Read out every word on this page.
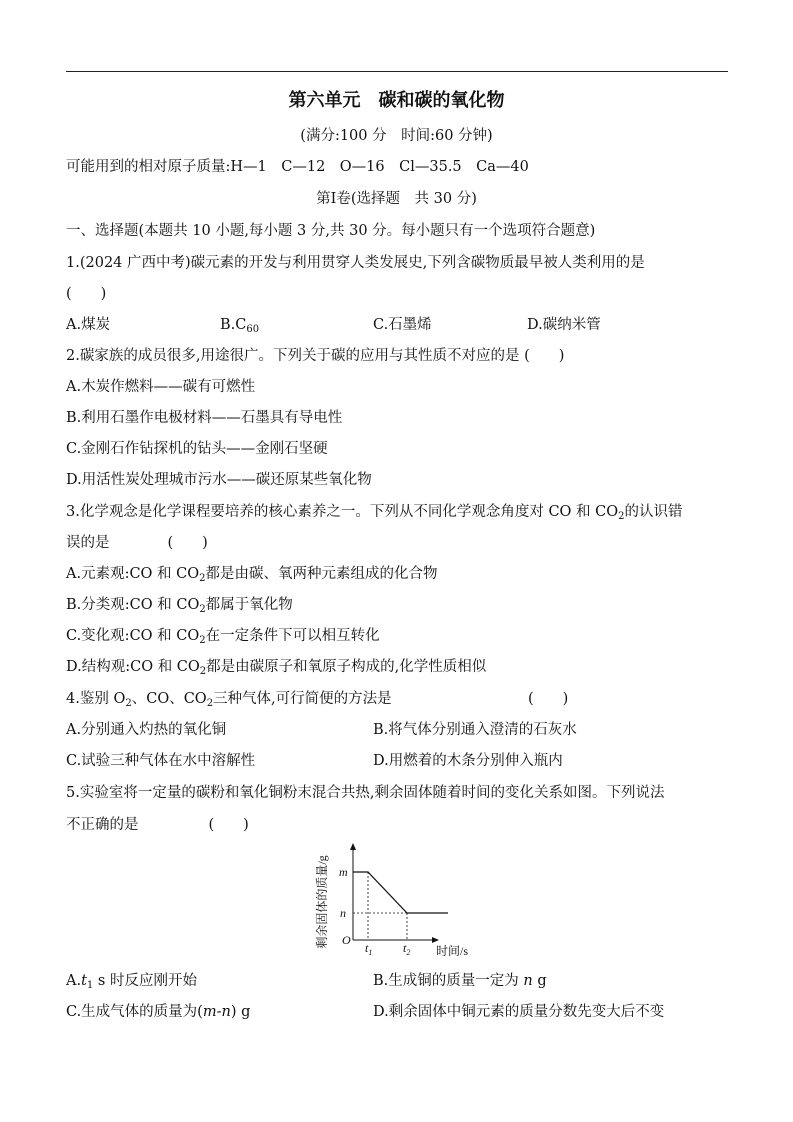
第六单元　碳和碳的氧化物
(满分:100 分　时间:60 分钟)
可能用到的相对原子质量:H—1　C—12　O—16　Cl—35.5　Ca—40
第Ⅰ卷(选择题　共 30 分)
一、选择题(本题共 10 小题,每小题 3 分,共 30 分。每小题只有一个选项符合题意)
1.(2024 广西中考)碳元素的开发与利用贯穿人类发展史,下列含碳物质最早被人类利用的是
(　　)
A.煤炭	$B.C_{60}$	C.石墨烯	D.碳纳米管
2.碳家族的成员很多,用途很广。下列关于碳的应用与其性质不对应的是 (　　)
A.木炭作燃料——碳有可燃性
B.利用石墨作电极材料——石墨具有导电性
C.金刚石作钻探机的钻头——金刚石坚硬
D.用活性炭处理城市污水——碳还原某些氧化物
3.化学观念是化学课程要培养的核心素养之一。下列从不同化学观念角度对 CO 和 $CO_2$的认识错
误的是	(　　)
A.元素观:CO 和 $CO_2$都是由碳、氧两种元素组成的化合物
B.分类观:CO 和 $CO_2$都属于氧化物
C.变化观:CO 和 $CO_2$在一定条件下可以相互转化
D.结构观:CO 和 $CO_2$都是由碳原子和氧原子构成的,化学性质相似
4.鉴别 $O_2$、CO、$CO_2$三种气体,可行简便的方法是	(　　)
A.分别通入灼热的氧化铜	B.将气体分别通入澄清的石灰水
C.试验三种气体在水中溶解性	D.用燃着的木条分别伸入瓶内
5.实验室将一定量的碳粉和氧化铜粉末混合共热,剩余固体随着时间的变化关系如图。下列说法
不正确的是	(　　)
剩余固体的质量/g O
m
n
$t_1$	$t_2$ 时间/s
$A.t_1$ s 时反应刚开始	B.生成铜的质量一定为 n g
C.生成气体的质量为(m-n) g	D.剩余固体中铜元素的质量分数先变大后不变
